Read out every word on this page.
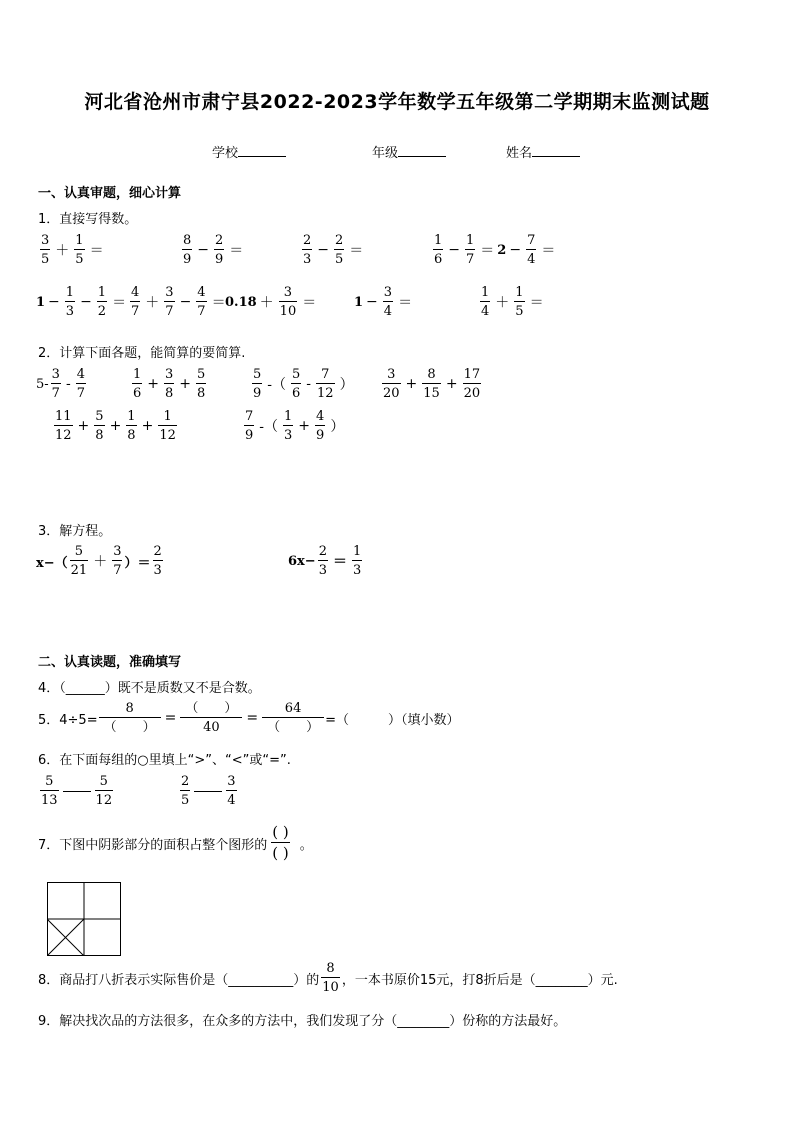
河北省沧州市肃宁县2022-2023学年数学五年级第二学期期末监测试题
学校	年级	姓名
一、认真审题，细心计算
1．直接写得数。
$\frac{3}{5} + \frac{1}{5}$ ＝	$\frac{8}{9} - \frac{2}{9}$ ＝	$\frac{2}{3} - \frac{2}{5}$ ＝	$\frac{1}{6} - \frac{1}{7} = 2 - \frac{7}{4}$ ＝
$1 - \frac{1}{3} - \frac{1}{2} = \frac{4}{7} + \frac{3}{7} - \frac{4}{7} = 0.18 + \frac{3}{10}$ ＝	$1 - \frac{3}{4}$ ＝	$\frac{1}{4} + \frac{1}{5}$ ＝
2．计算下面各题，能简算的要简算.
$5- \frac{3}{7} - \frac{4}{7}$	$\frac{1}{6} + \frac{3}{8} + \frac{5}{8}$	$\frac{5}{9}$ -（ $\frac{5}{6} - \frac{7}{12}$ ） $\frac{3}{20} + \frac{8}{15} + \frac{17}{20}$
$\frac{11}{12} + \frac{5}{8} + \frac{1}{8} + \frac{1}{12}$	$\frac{7}{9}$ -（ $\frac{1}{3} + \frac{4}{9}$ ）
3．解方程。
$x-( \frac{5}{21} + \frac{3}{7}$ ）＝ $\frac{2}{3}$	$6x- \frac{2}{3} = \frac{1}{3}$
二、认真读题，准确填写
4．（______）既不是质数又不是合数。
5．$4\div 5= \frac{8}{( )} = \frac{( )}{40} = \frac{64}{( )}$ =（　　　）（填小数）
6．在下面每组的○里填上“>”、“<”或“=”.
$\frac{5}{13}$	$\frac{5}{12}$	$\frac{2}{5}$	$\frac{3}{4}$
7．下图中阴影部分的面积占整个图形的 $\frac{( )}{( )}$ 。
8．商品打八折表示实际售价是（__________）的 $\frac{8}{10}$ ，一本书原价15元，打8折后是（________）元.
9．解决找次品的方法很多，在众多的方法中，我们发现了分（________）份称的方法最好。
